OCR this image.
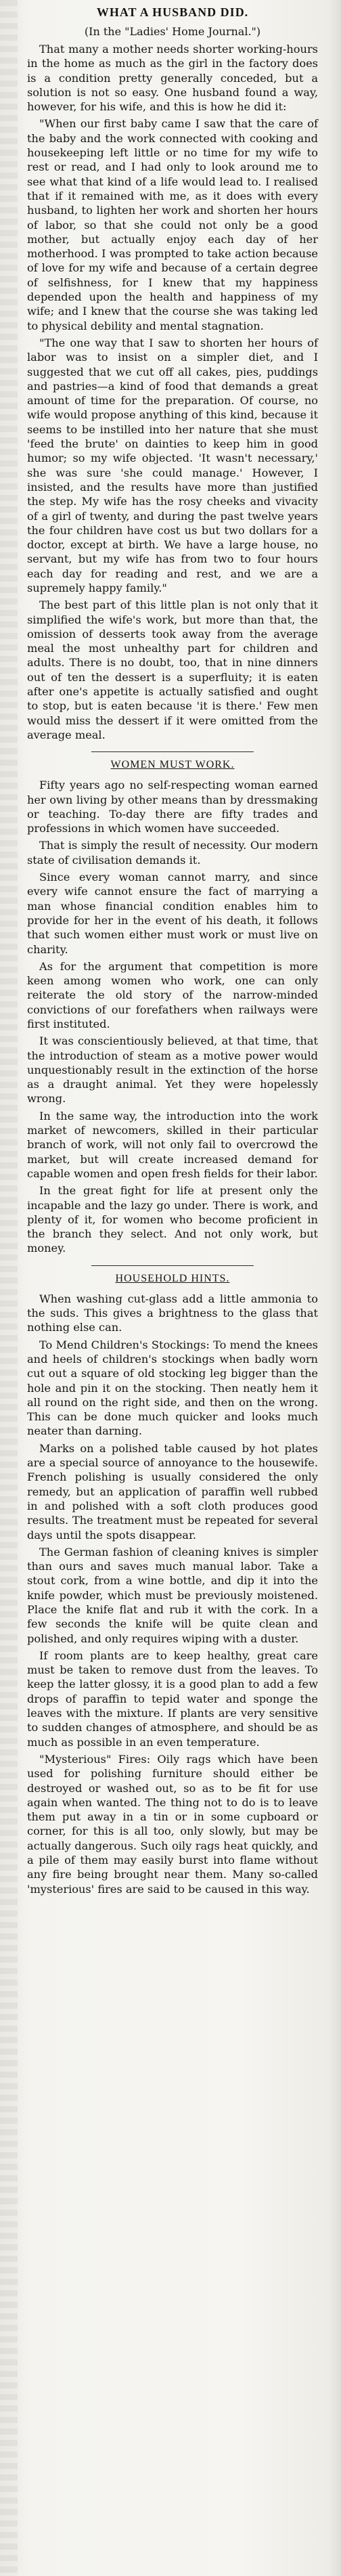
WHAT A HUSBAND DID.
(In the "Ladies' Home Journal.")

That many a mother needs shorter working-hours in the home as much as the girl in the factory does is a condition pretty generally conceded, but a solution is not so easy. One husband found a way, however, for his wife, and this is how he did it:

"When our first baby came I saw that the care of the baby and the work connected with cooking and housekeeping left little or no time for my wife to rest or read, and I had only to look around me to see what that kind of a life would lead to. I realised that if it remained with me, as it does with every husband, to lighten her work and shorten her hours of labor, so that she could not only be a good mother, but actually enjoy each day of her motherhood. I was prompted to take action because of love for my wife and because of a certain degree of selfishness, for I knew that my happiness depended upon the health and happiness of my wife; and I knew that the course she was taking led to physical debility and mental stagnation.

"The one way that I saw to shorten her hours of labor was to insist on a simpler diet, and I suggested that we cut off all cakes, pies, puddings and pastries—a kind of food that demands a great amount of time for the preparation. Of course, no wife would propose anything of this kind, because it seems to be instilled into her nature that she must 'feed the brute' on dainties to keep him in good humor; so my wife objected. 'It wasn't necessary,' she was sure 'she could manage.' However, I insisted, and the results have more than justified the step. My wife has the rosy cheeks and vivacity of a girl of twenty, and during the past twelve years the four children have cost us but two dollars for a doctor, except at birth. We have a large house, no servant, but my wife has from two to four hours each day for reading and rest, and we are a supremely happy family."

The best part of this little plan is not only that it simplified the wife's work, but more than that, the omission of desserts took away from the average meal the most unhealthy part for children and adults. There is no doubt, too, that in nine dinners out of ten the dessert is a superfluity; it is eaten after one's appetite is actually satisfied and ought to stop, but is eaten because 'it is there.' Few men would miss the dessert if it were omitted from the average meal.

WOMEN MUST WORK.

Fifty years ago no self-respecting woman earned her own living by other means than by dressmaking or teaching. To-day there are fifty trades and professions in which women have succeeded.

That is simply the result of necessity. Our modern state of civilisation demands it.

Since every woman cannot marry, and since every wife cannot ensure the fact of marrying a man whose financial condition enables him to provide for her in the event of his death, it follows that such women either must work or must live on charity.

As for the argument that competition is more keen among women who work, one can only reiterate the old story of the narrow-minded convictions of our forefathers when railways were first instituted.

It was conscientiously believed, at that time, that the introduction of steam as a motive power would unquestionably result in the extinction of the horse as a draught animal. Yet they were hopelessly wrong.

In the same way, the introduction into the work market of newcomers, skilled in their particular branch of work, will not only fail to overcrowd the market, but will create increased demand for capable women and open fresh fields for their labor.

In the great fight for life at present only the incapable and the lazy go under. There is work, and plenty of it, for women who become proficient in the branch they select. And not only work, but money.

HOUSEHOLD HINTS.

When washing cut-glass add a little ammonia to the suds. This gives a brightness to the glass that nothing else can.

To Mend Children's Stockings: To mend the knees and heels of children's stockings when badly worn cut out a square of old stocking leg bigger than the hole and pin it on the stocking. Then neatly hem it all round on the right side, and then on the wrong. This can be done much quicker and looks much neater than darning.

Marks on a polished table caused by hot plates are a special source of annoyance to the housewife. French polishing is usually considered the only remedy, but an application of paraffin well rubbed in and polished with a soft cloth produces good results. The treatment must be repeated for several days until the spots disappear.

The German fashion of cleaning knives is simpler than ours and saves much manual labor. Take a stout cork, from a wine bottle, and dip it into the knife powder, which must be previously moistened. Place the knife flat and rub it with the cork. In a few seconds the knife will be quite clean and polished, and only requires wiping with a duster.

If room plants are to keep healthy, great care must be taken to remove dust from the leaves. To keep the latter glossy, it is a good plan to add a few drops of paraffin to tepid water and sponge the leaves with the mixture. If plants are very sensitive to sudden changes of atmosphere, and should be as much as possible in an even temperature.

"Mysterious" Fires: Oily rags which have been used for polishing furniture should either be destroyed or washed out, so as to be fit for use again when wanted. The thing not to do is to leave them put away in a tin or in some cupboard or corner, for this is all too, only slowly, but may be actually dangerous. Such oily rags heat quickly, and a pile of them may easily burst into flame without any fire being brought near them. Many so-called 'mysterious' fires are said to be caused in this way.
